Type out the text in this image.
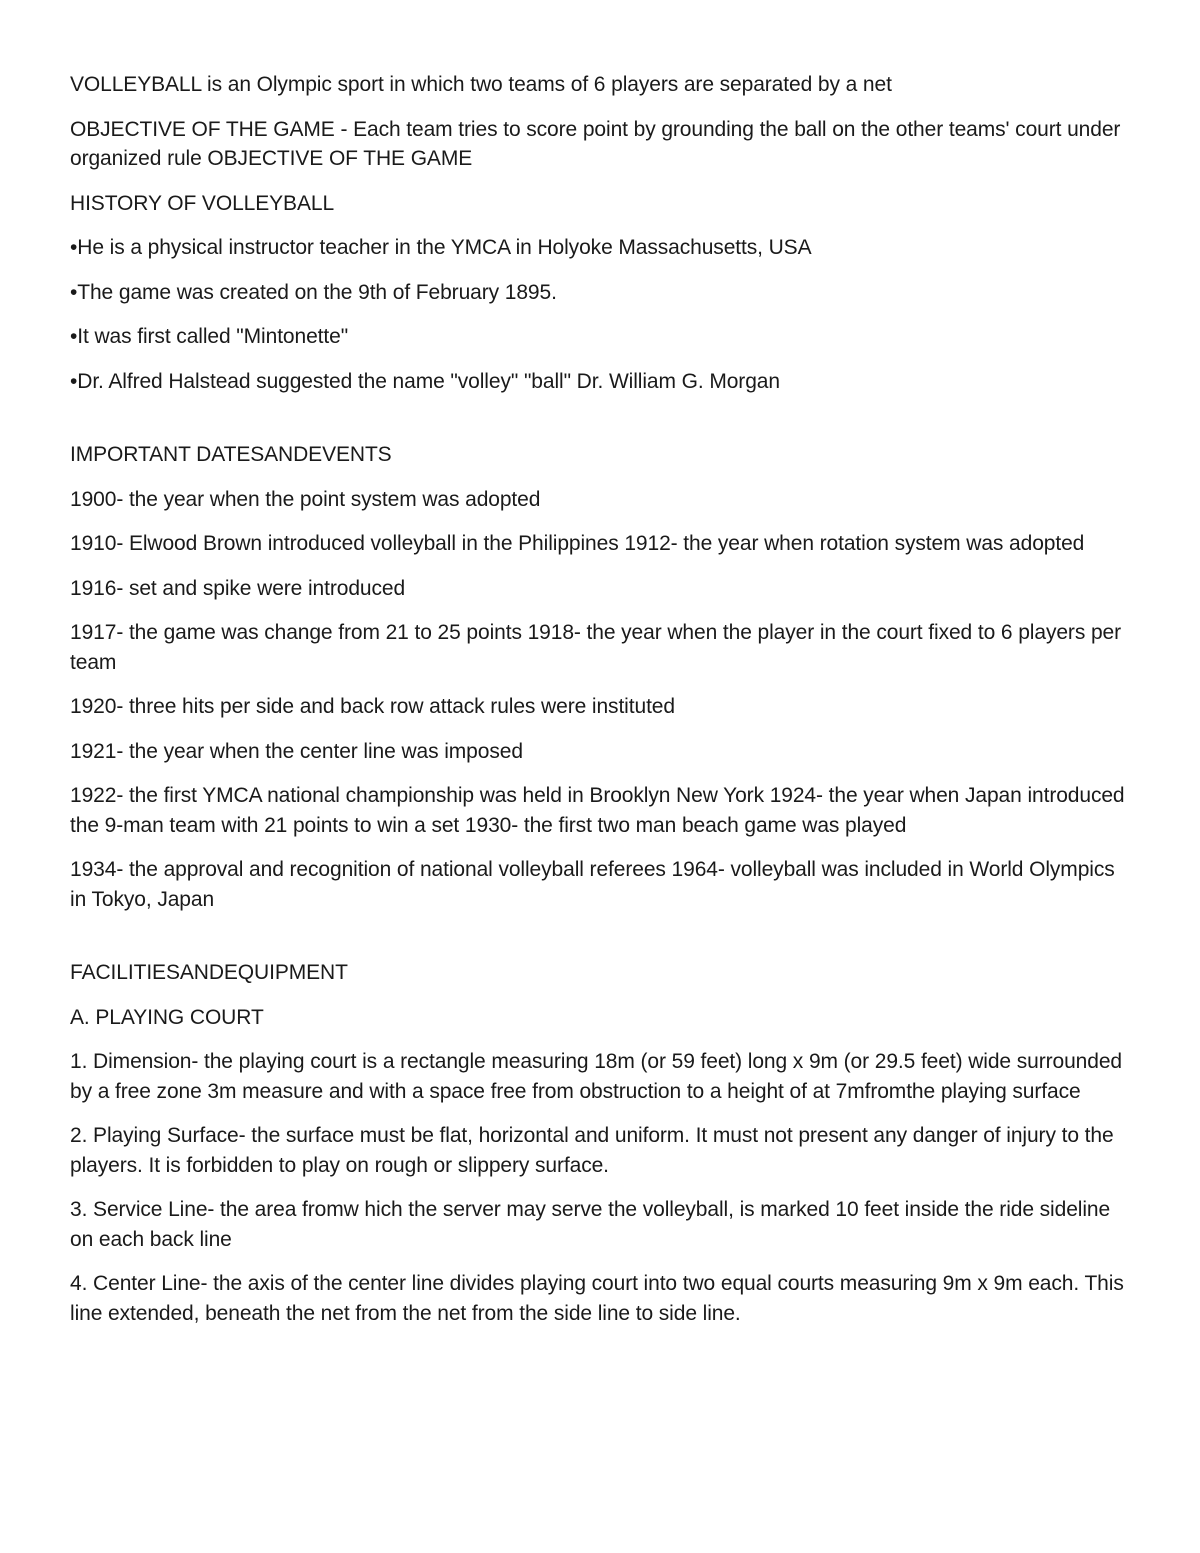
VOLLEYBALL is an Olympic sport in which two teams of 6 players are separated by a net

OBJECTIVE OF THE GAME - Each team tries to score point by grounding the ball on the other teams' court under organized rule OBJECTIVE OF THE GAME

HISTORY OF VOLLEYBALL

•He is a physical instructor teacher in the YMCA in Holyoke Massachusetts, USA

•The game was created on the 9th of February 1895.

•It was first called "Mintonette"

•Dr. Alfred Halstead suggested the name "volley" "ball" Dr. William G. Morgan

IMPORTANT DATESANDEVENTS

1900- the year when the point system was adopted

1910- Elwood Brown introduced volleyball in the Philippines 1912- the year when rotation system was adopted

1916- set and spike were introduced

1917- the game was change from 21 to 25 points 1918- the year when the player in the court fixed to 6 players per team

1920- three hits per side and back row attack rules were instituted

1921- the year when the center line was imposed

1922- the first YMCA national championship was held in Brooklyn New York 1924- the year when Japan introduced the 9-man team with 21 points to win a set 1930- the first two man beach game was played

1934- the approval and recognition of national volleyball referees 1964- volleyball was included in World Olympics in Tokyo, Japan

FACILITIESANDEQUIPMENT

A. PLAYING COURT

1. Dimension- the playing court is a rectangle measuring 18m (or 59 feet) long x 9m (or 29.5 feet) wide surrounded by a free zone 3m measure and with a space free from obstruction to a height of at 7mfromthe playing surface

2. Playing Surface- the surface must be flat, horizontal and uniform. It must not present any danger of injury to the players. It is forbidden to play on rough or slippery surface.

3. Service Line- the area fromw hich the server may serve the volleyball, is marked 10 feet inside the ride sideline on each back line

4. Center Line- the axis of the center line divides playing court into two equal courts measuring 9m x 9m each. This line extended, beneath the net from the net from the side line to side line.
